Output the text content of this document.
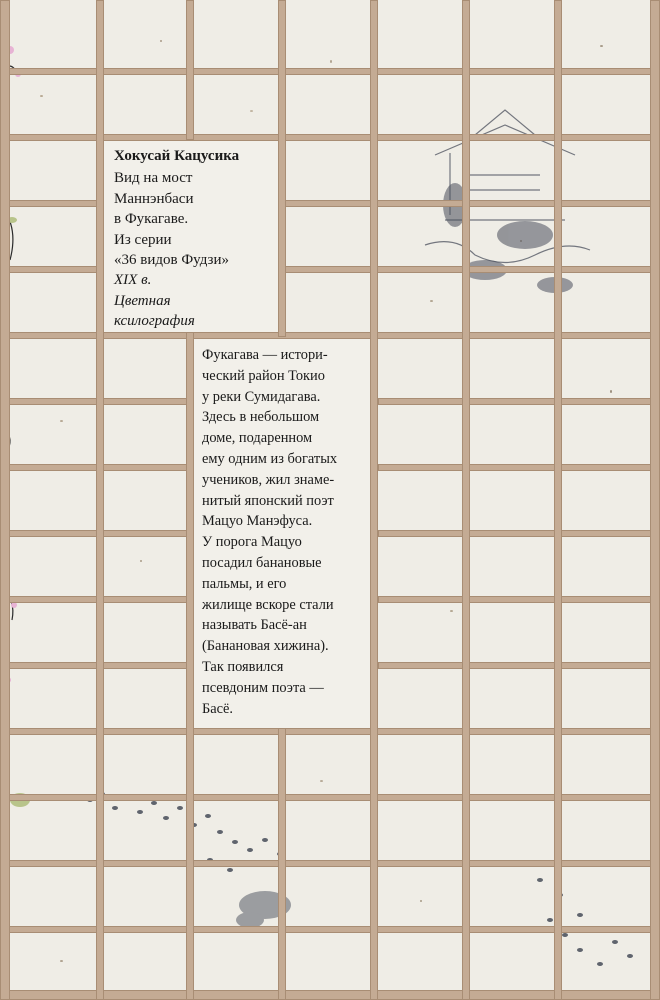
Хокусай Кацусика
Вид на мост
Маннэнбаси
в Фукагаве.
Из серии
«36 видов Фудзи»
XIX в.
Цветная
ксилография
Фукагава — истори-
ческий район Токио
у реки Сумидагава.
Здесь в небольшом
доме, подаренном
ему одним из богатых
учеников, жил знаме-
нитый японский поэт
Мацуо Манэфуса.
У порога Мацуо
посадил банановые
пальмы, и его
жилище вскоре стали
называть Басё-ан
(Банановая хижина).
Так появился
псевдоним поэта —
Басё.
